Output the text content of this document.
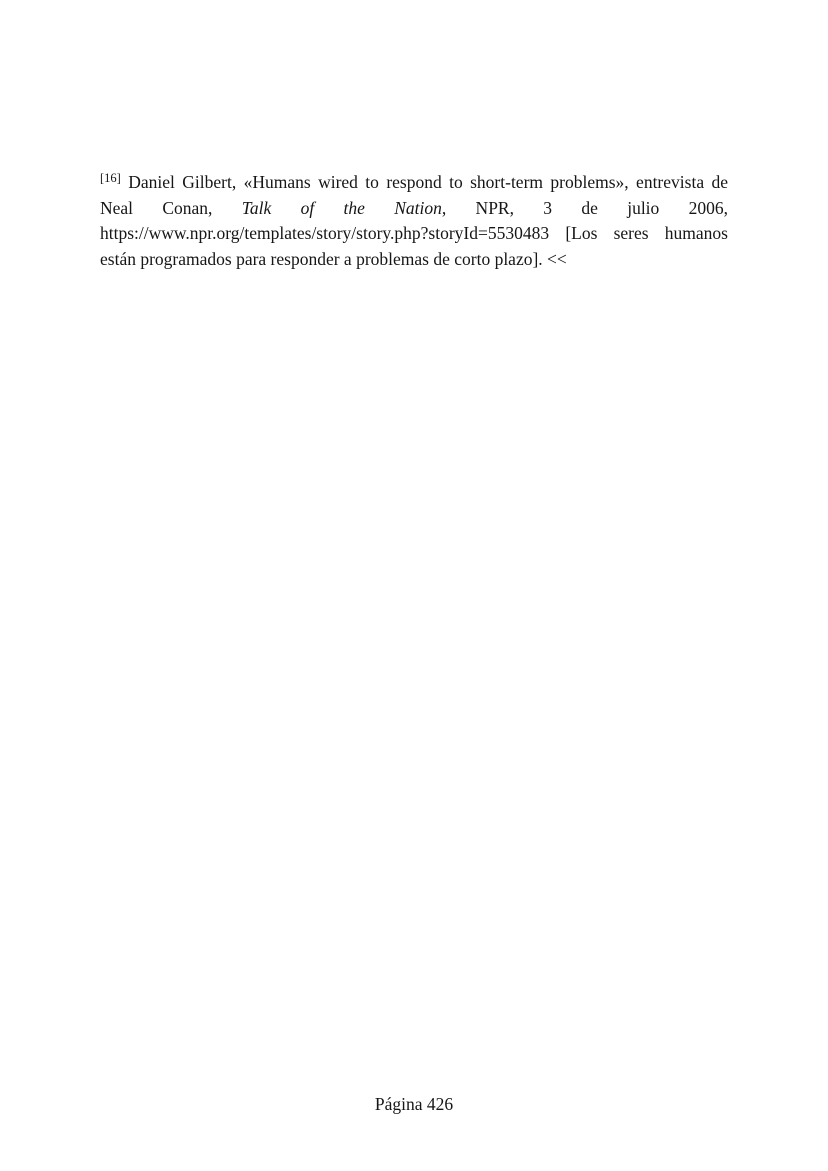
[16] Daniel Gilbert, «Humans wired to respond to short-term problems», entrevista de Neal Conan, Talk of the Nation, NPR, 3 de julio 2006, https://www.npr.org/templates/story/story.php?storyId=5530483 [Los seres humanos están programados para responder a problemas de corto plazo]. <<

Página 426
